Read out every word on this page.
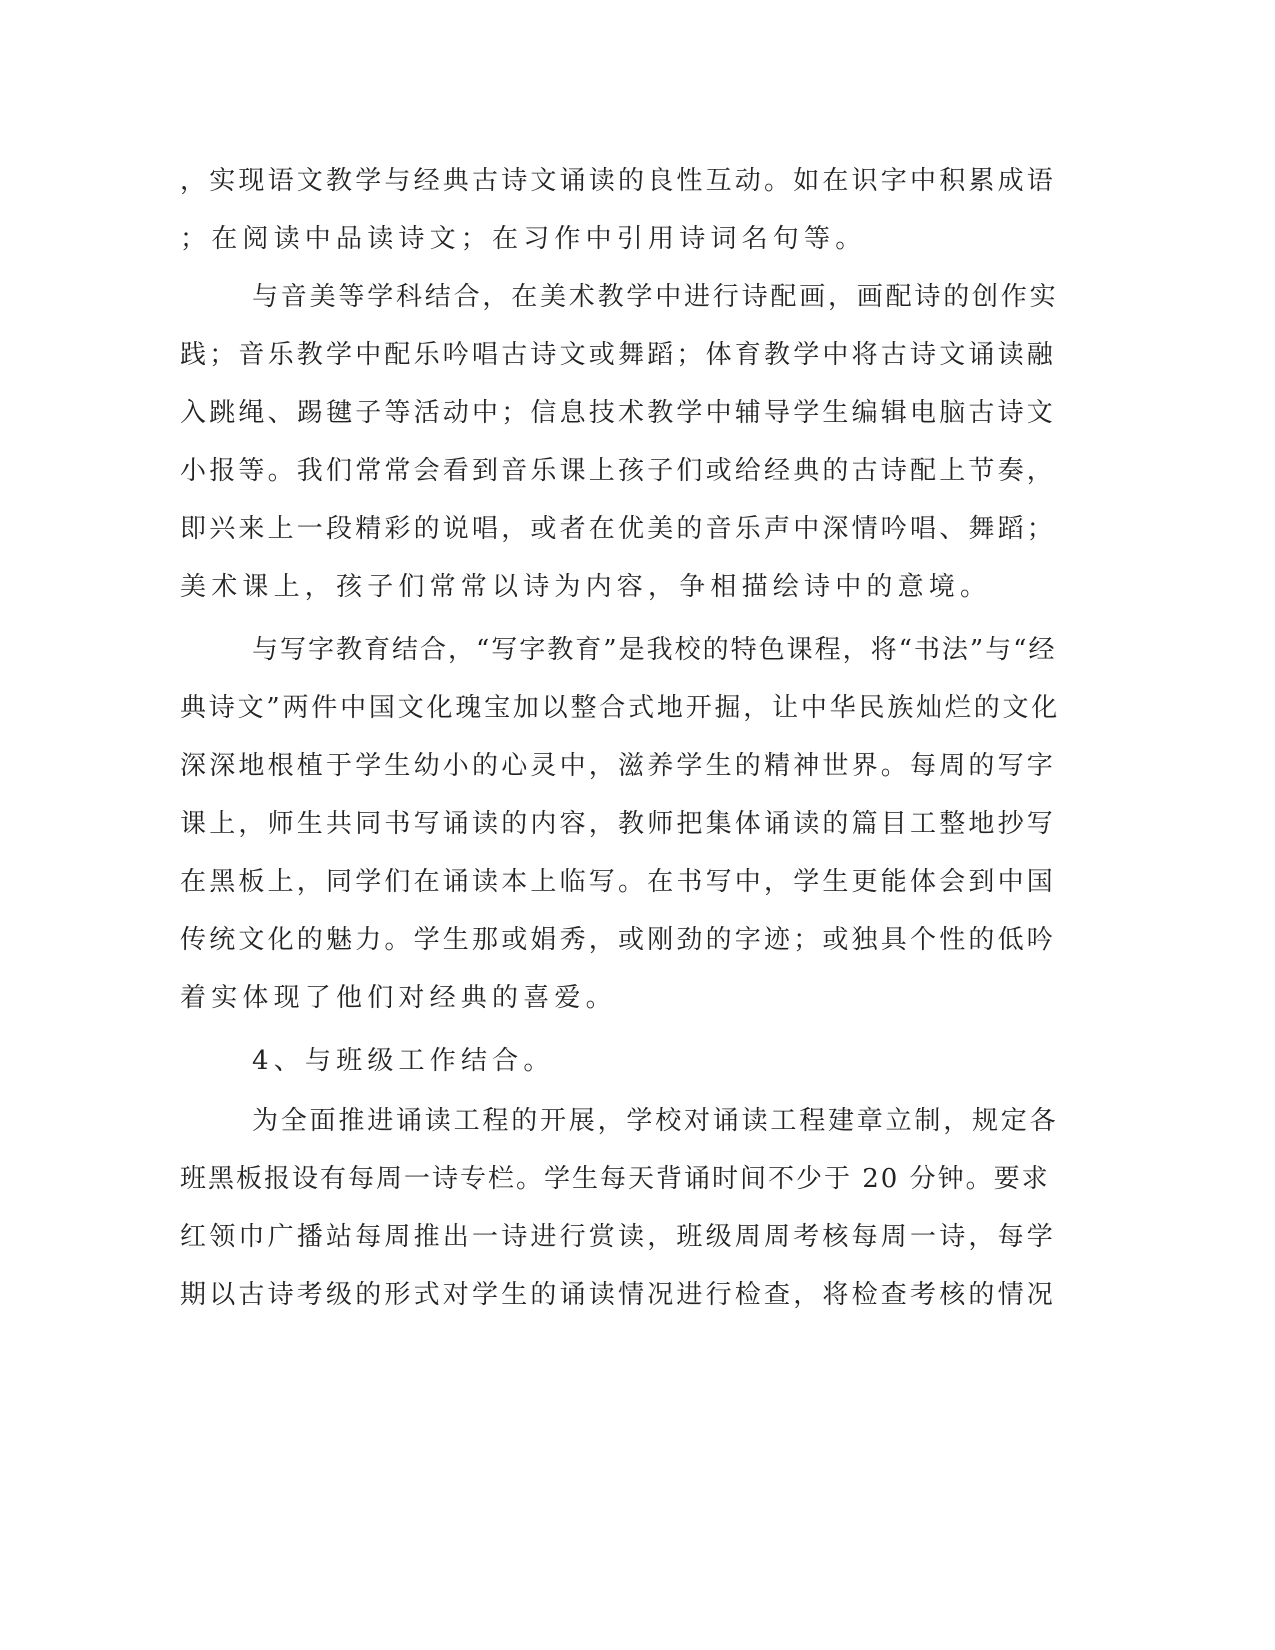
，实现语文教学与经典古诗文诵读的良性互动。如在识字中积累成语
；在阅读中品读诗文；在习作中引用诗词名句等。
与音美等学科结合，在美术教学中进行诗配画，画配诗的创作实
践；音乐教学中配乐吟唱古诗文或舞蹈；体育教学中将古诗文诵读融
入跳绳、踢毽子等活动中；信息技术教学中辅导学生编辑电脑古诗文
小报等。我们常常会看到音乐课上孩子们或给经典的古诗配上节奏，
即兴来上一段精彩的说唱，或者在优美的音乐声中深情吟唱、舞蹈；
美术课上，孩子们常常以诗为内容，争相描绘诗中的意境。
与写字教育结合，“写字教育”是我校的特色课程，将“书法”与“经
典诗文”两件中国文化瑰宝加以整合式地开掘，让中华民族灿烂的文化
深深地根植于学生幼小的心灵中，滋养学生的精神世界。每周的写字
课上，师生共同书写诵读的内容，教师把集体诵读的篇目工整地抄写
在黑板上，同学们在诵读本上临写。在书写中，学生更能体会到中国
传统文化的魅力。学生那或娟秀，或刚劲的字迹；或独具个性的低吟
着实体现了他们对经典的喜爱。
4、与班级工作结合。
为全面推进诵读工程的开展，学校对诵读工程建章立制，规定各
班黑板报设有每周一诗专栏。学生每天背诵时间不少于 20 分钟。要求
红领巾广播站每周推出一诗进行赏读，班级周周考核每周一诗，每学
期以古诗考级的形式对学生的诵读情况进行检查，将检查考核的情况
